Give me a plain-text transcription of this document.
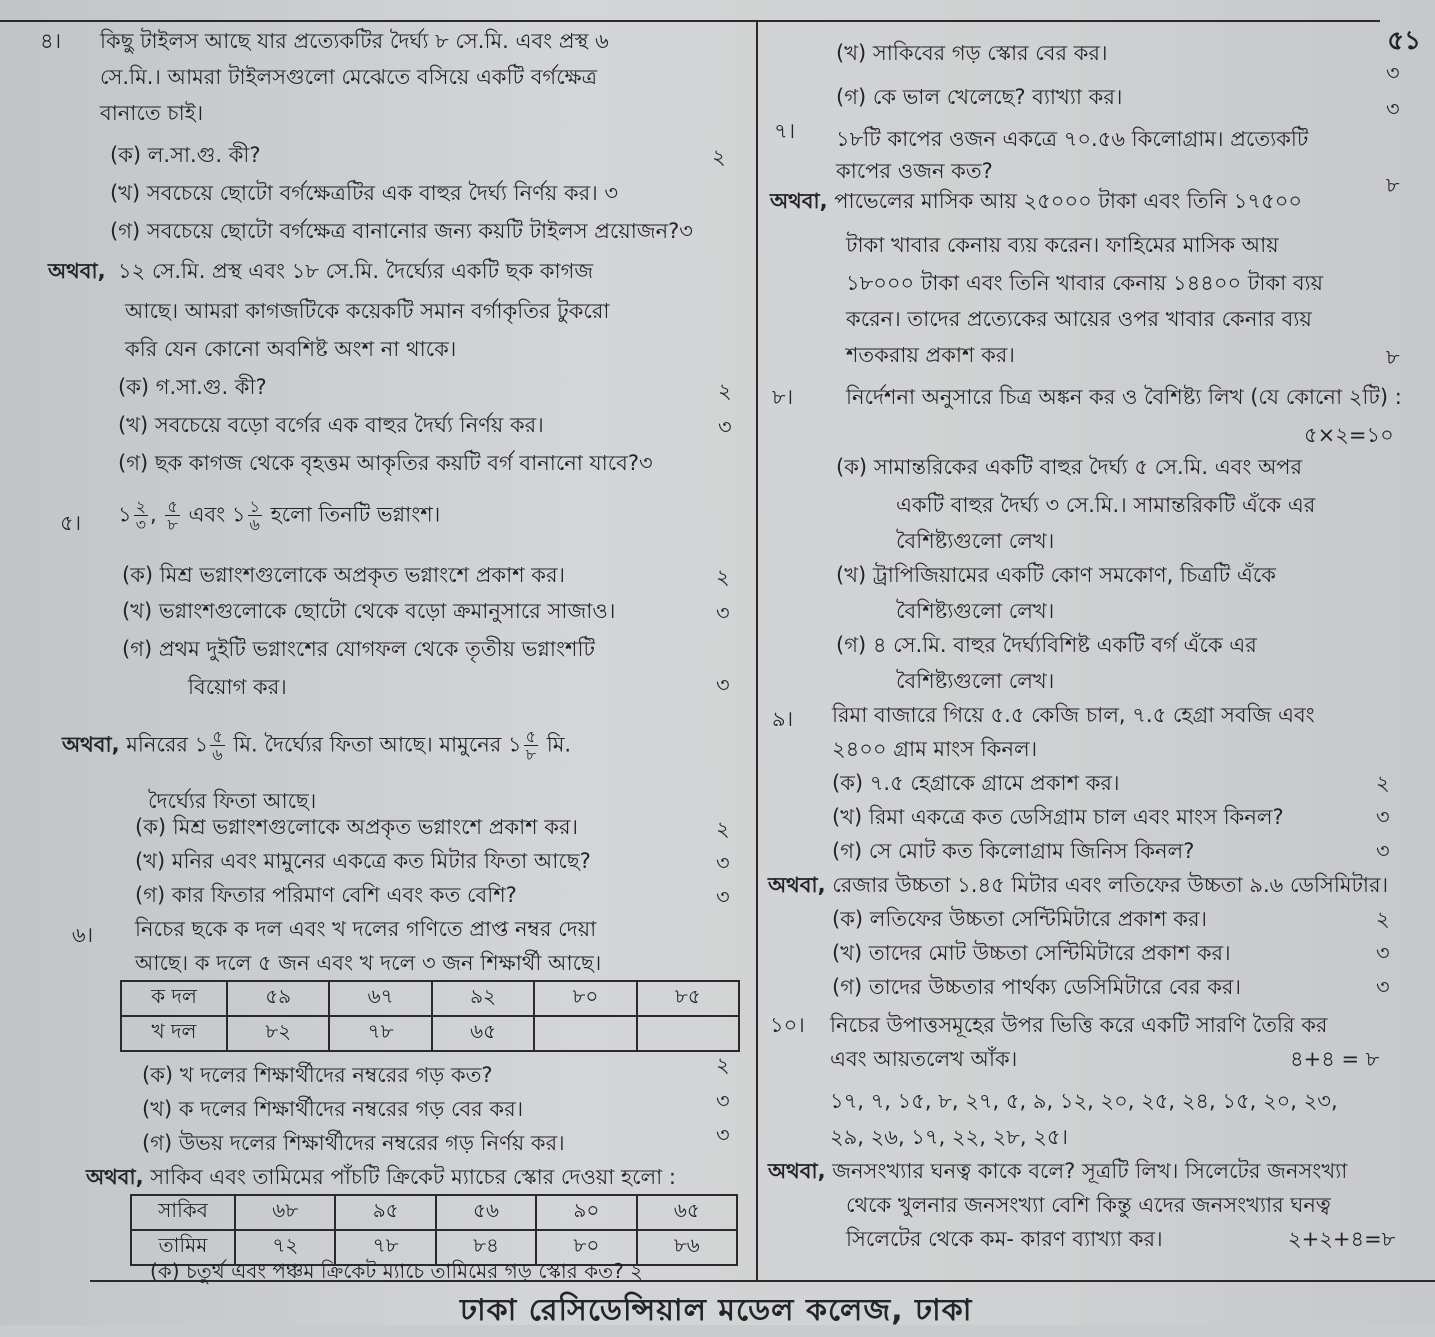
৫১
৪। কিছু টাইলস আছে যার প্রত্যেকটির দৈর্ঘ্য ৮ সে.মি. এবং প্রস্থ ৬
সে.মি.। আমরা টাইলসগুলো মেঝেতে বসিয়ে একটি বর্গক্ষেত্র
বানাতে চাই।
(ক) ল.সা.গু. কী?	২
(খ) সবচেয়ে ছোটো বর্গক্ষেত্রটির এক বাহুর দৈর্ঘ্য নির্ণয় কর। ৩
(গ) সবচেয়ে ছোটো বর্গক্ষেত্র বানানোর জন্য কয়টি টাইলস প্রয়োজন?৩
অথবা, ১২ সে.মি. প্রস্থ এবং ১৮ সে.মি. দৈর্ঘ্যের একটি ছক কাগজ
আছে। আমরা কাগজটিকে কয়েকটি সমান বর্গাকৃতির টুকরো
করি যেন কোনো অবশিষ্ট অংশ না থাকে।
(ক) গ.সা.গু. কী?	২
(খ) সবচেয়ে বড়ো বর্গের এক বাহুর দৈর্ঘ্য নির্ণয় কর।	৩
(গ) ছক কাগজ থেকে বৃহত্তম আকৃতির কয়টি বর্গ বানানো যাবে?৩
৫। ১ $\frac{২}{৩}$ , $\frac{৫}{৮}$ এবং ১ $\frac{১}{৬}$ হলো তিনটি ভগ্নাংশ।
(ক) মিশ্র ভগ্নাংশগুলোকে অপ্রকৃত ভগ্নাংশে প্রকাশ কর।	২
(খ) ভগ্নাংশগুলোকে ছোটো থেকে বড়ো ক্রমানুসারে সাজাও।	৩
(গ) প্রথম দুইটি ভগ্নাংশের যোগফল থেকে তৃতীয় ভগ্নাংশটি
বিয়োগ কর।	৩
অথবা, মনিরের ১ $\frac{৫}{৬}$ মি. দৈর্ঘ্যের ফিতা আছে। মামুনের ১ $\frac{৫}{৮}$ মি.
দৈর্ঘ্যের ফিতা আছে।
(ক) মিশ্র ভগ্নাংশগুলোকে অপ্রকৃত ভগ্নাংশে প্রকাশ কর।	২
(খ) মনির এবং মামুনের একত্রে কত মিটার ফিতা আছে?	৩
(গ) কার ফিতার পরিমাণ বেশি এবং কত বেশি?	৩
৬। নিচের ছকে ক দল এবং খ দলের গণিতে প্রাপ্ত নম্বর দেয়া
আছে। ক দলে ৫ জন এবং খ দলে ৩ জন শিক্ষার্থী আছে।
ক দল	৫৯	৬৭	৯২	৮০	৮৫
খ দল	৮২	৭৮	৬৫		
(ক) খ দলের শিক্ষার্থীদের নম্বরের গড় কত?	২
(খ) ক দলের শিক্ষার্থীদের নম্বরের গড় বের কর।	৩
(গ) উভয় দলের শিক্ষার্থীদের নম্বরের গড় নির্ণয় কর।	৩
অথবা, সাকিব এবং তামিমের পাঁচটি ক্রিকেট ম্যাচের স্কোর দেওয়া হলো :
সাকিব	৬৮	৯৫	৫৬	৯০	৬৫
তামিম	৭২	৭৮	৮৪	৮০	৮৬
(ক) চতুর্থ এবং পঞ্চম ক্রিকেট ম্যাচে তামিমের গড় স্কোর কত? ২
(খ) সাকিবের গড় স্কোর বের কর।
৩
(গ) কে ভাল খেলেছে? ব্যাখ্যা কর।	৩
৭। ১৮টি কাপের ওজন একত্রে ৭০.৫৬ কিলোগ্রাম। প্রত্যেকটি
কাপের ওজন কত?
৮
অথবা, পাভেলের মাসিক আয় ২৫০০০ টাকা এবং তিনি ১৭৫০০
টাকা খাবার কেনায় ব্যয় করেন। ফাহিমের মাসিক আয়
১৮০০০ টাকা এবং তিনি খাবার কেনায় ১৪৪০০ টাকা ব্যয়
করেন। তাদের প্রত্যেকের আয়ের ওপর খাবার কেনার ব্যয়
শতকরায় প্রকাশ কর।	৮
৮।	নির্দেশনা অনুসারে চিত্র অঙ্কন কর ও বৈশিষ্ট্য লিখ (যে কোনো ২টি) :
৫×২=১০
(ক) সামান্তরিকের একটি বাহুর দৈর্ঘ্য ৫ সে.মি. এবং অপর
একটি বাহুর দৈর্ঘ্য ৩ সে.মি.। সামান্তরিকটি এঁকে এর
বৈশিষ্ট্যগুলো লেখ।
(খ) ট্রাপিজিয়ামের একটি কোণ সমকোণ, চিত্রটি এঁকে
বৈশিষ্ট্যগুলো লেখ।
(গ) ৪ সে.মি. বাহুর দৈর্ঘ্যবিশিষ্ট একটি বর্গ এঁকে এর
বৈশিষ্ট্যগুলো লেখ।
৯। রিমা বাজারে গিয়ে ৫.৫ কেজি চাল, ৭.৫ হেগ্রা সবজি এবং
২৪০০ গ্রাম মাংস কিনল।
(ক) ৭.৫ হেগ্রাকে গ্রামে প্রকাশ কর।	২
(খ) রিমা একত্রে কত ডেসিগ্রাম চাল এবং মাংস কিনল?	৩
(গ) সে মোট কত কিলোগ্রাম জিনিস কিনল?	৩
অথবা, রেজার উচ্চতা ১.৪৫ মিটার এবং লতিফের উচ্চতা ৯.৬ ডেসিমিটার।
(ক) লতিফের উচ্চতা সেন্টিমিটারে প্রকাশ কর।	২
(খ) তাদের মোট উচ্চতা সেন্টিমিটারে প্রকাশ কর।	৩
(গ) তাদের উচ্চতার পার্থক্য ডেসিমিটারে বের কর।	৩
১০। নিচের উপাত্তসমূহের উপর ভিত্তি করে একটি সারণি তৈরি কর
এবং আয়তলেখ আঁক।	৪+৪ = ৮
১৭, ৭, ১৫, ৮, ২৭, ৫, ৯, ১২, ২০, ২৫, ২৪, ১৫, ২০, ২৩,
২৯, ২৬, ১৭, ২২, ২৮, ২৫।
অথবা, জনসংখ্যার ঘনত্ব কাকে বলে? সূত্রটি লিখ। সিলেটের জনসংখ্যা
থেকে খুলনার জনসংখ্যা বেশি কিন্তু এদের জনসংখ্যার ঘনত্ব
সিলেটের থেকে কম- কারণ ব্যাখ্যা কর।	২+২+৪=৮
ঢাকা রেসিডেন্সিয়াল মডেল কলেজ, ঢাকা
